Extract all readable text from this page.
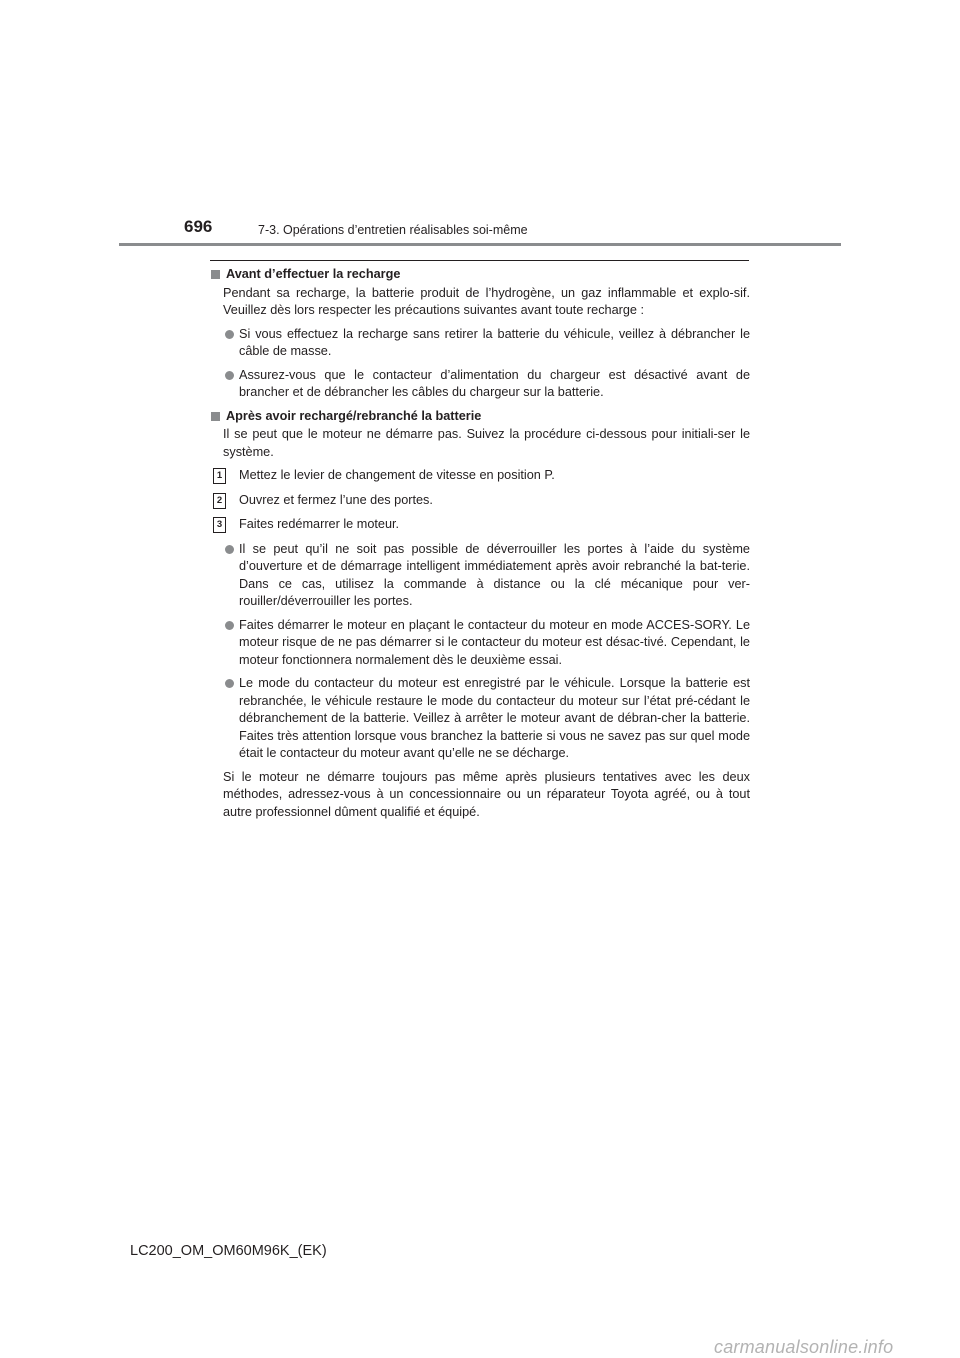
696	7-3. Opérations d’entretien réalisables soi-même
Avant d’effectuer la recharge
Pendant sa recharge, la batterie produit de l’hydrogène, un gaz inflammable et explo-sif. Veuillez dès lors respecter les précautions suivantes avant toute recharge :
Si vous effectuez la recharge sans retirer la batterie du véhicule, veillez à débrancher le câble de masse.
Assurez-vous que le contacteur d’alimentation du chargeur est désactivé avant de brancher et de débrancher les câbles du chargeur sur la batterie.
Après avoir rechargé/rebranché la batterie
Il se peut que le moteur ne démarre pas. Suivez la procédure ci-dessous pour initiali-ser le système.
1	Mettez le levier de changement de vitesse en position P.
2	Ouvrez et fermez l’une des portes.
3	Faites redémarrer le moteur.
Il se peut qu’il ne soit pas possible de déverrouiller les portes à l’aide du système d’ouverture et de démarrage intelligent immédiatement après avoir rebranché la bat-terie. Dans ce cas, utilisez la commande à distance ou la clé mécanique pour ver-rouiller/déverrouiller les portes.
Faites démarrer le moteur en plaçant le contacteur du moteur en mode ACCES-SORY. Le moteur risque de ne pas démarrer si le contacteur du moteur est désac-tivé. Cependant, le moteur fonctionnera normalement dès le deuxième essai.
Le mode du contacteur du moteur est enregistré par le véhicule. Lorsque la batterie est rebranchée, le véhicule restaure le mode du contacteur du moteur sur l’état pré-cédant le débranchement de la batterie. Veillez à arrêter le moteur avant de débran-cher la batterie. Faites très attention lorsque vous branchez la batterie si vous ne savez pas sur quel mode était le contacteur du moteur avant qu’elle ne se décharge.
Si le moteur ne démarre toujours pas même après plusieurs tentatives avec les deux méthodes, adressez-vous à un concessionnaire ou un réparateur Toyota agréé, ou à tout autre professionnel dûment qualifié et équipé.
LC200_OM_OM60M96K_(EK)
carmanualsonline.info
